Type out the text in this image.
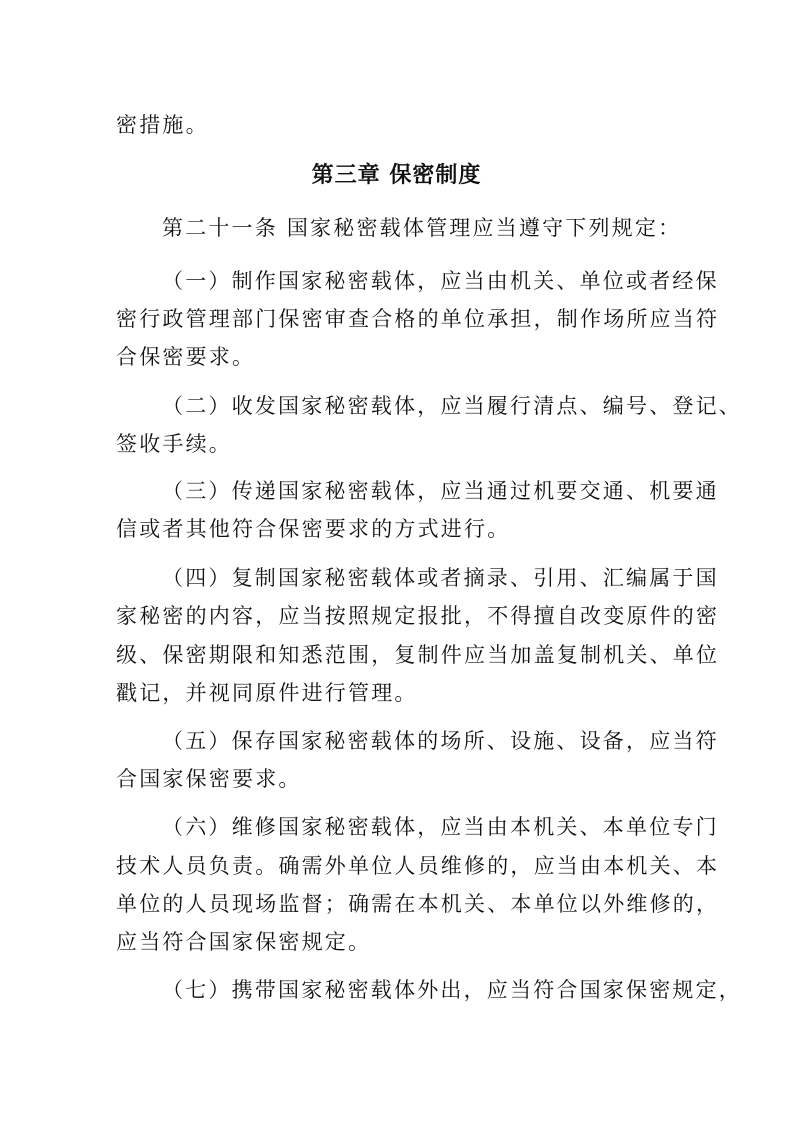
密措施。
第三章 保密制度
第二十一条 国家秘密载体管理应当遵守下列规定：
（一）制作国家秘密载体，应当由机关、单位或者经保
密行政管理部门保密审查合格的单位承担，制作场所应当符
合保密要求。
（二）收发国家秘密载体，应当履行清点、编号、登记、
签收手续。
（三）传递国家秘密载体，应当通过机要交通、机要通
信或者其他符合保密要求的方式进行。
（四）复制国家秘密载体或者摘录、引用、汇编属于国
家秘密的内容，应当按照规定报批，不得擅自改变原件的密
级、保密期限和知悉范围，复制件应当加盖复制机关、单位
戳记，并视同原件进行管理。
（五）保存国家秘密载体的场所、设施、设备，应当符
合国家保密要求。
（六）维修国家秘密载体，应当由本机关、本单位专门
技术人员负责。确需外单位人员维修的，应当由本机关、本
单位的人员现场监督；确需在本机关、本单位以外维修的，
应当符合国家保密规定。
（七）携带国家秘密载体外出，应当符合国家保密规定，
